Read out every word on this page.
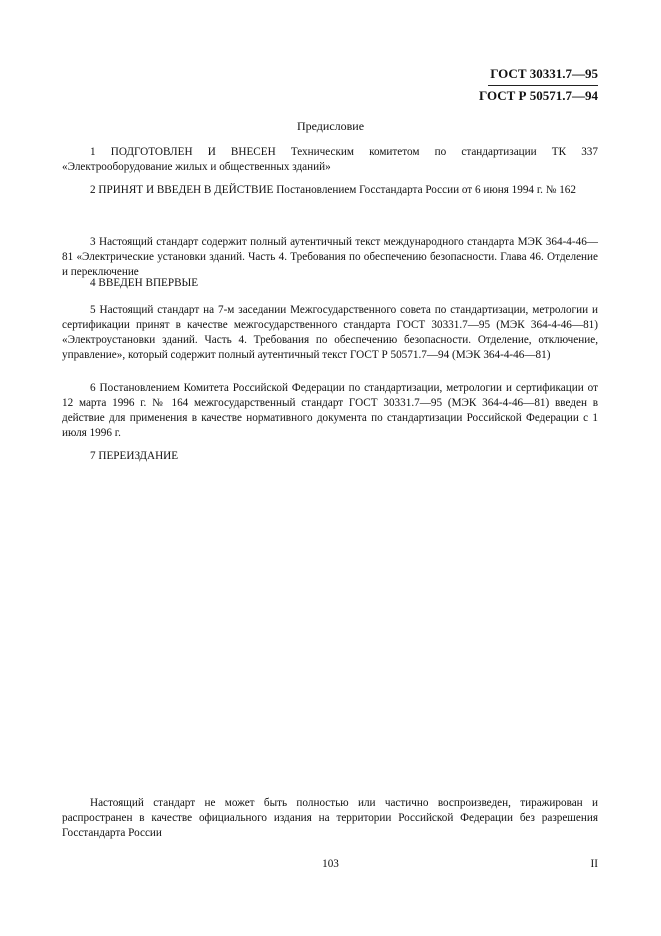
ГОСТ 30331.7—95
ГОСТ Р 50571.7—94
Предисловие
1 ПОДГОТОВЛЕН И ВНЕСЕН Техническим комитетом по стандартизации ТК 337 «Электрооборудование жилых и общественных зданий»
2 ПРИНЯТ И ВВЕДЕН В ДЕЙСТВИЕ Постановлением Госстандарта России от 6 июня 1994 г. № 162
3 Настоящий стандарт содержит полный аутентичный текст международного стандарта МЭК 364-4-46—81 «Электрические установки зданий. Часть 4. Требования по обеспечению безопасности. Глава 46. Отделение и переключение
4 ВВЕДЕН ВПЕРВЫЕ
5 Настоящий стандарт на 7-м заседании Межгосударственного совета по стандартизации, метрологии и сертификации принят в качестве межгосударственного стандарта ГОСТ 30331.7—95 (МЭК 364-4-46—81) «Электроустановки зданий. Часть 4. Требования по обеспечению безопасности. Отделение, отключение, управление», который содержит полный аутентичный текст ГОСТ Р 50571.7—94 (МЭК 364-4-46—81)
6 Постановлением Комитета Российской Федерации по стандартизации, метрологии и сертификации от 12 марта 1996 г. № 164 межгосударственный стандарт ГОСТ 30331.7—95 (МЭК 364-4-46—81) введен в действие для применения в качестве нормативного документа по стандартизации Российской Федерации с 1 июля 1996 г.
7 ПЕРЕИЗДАНИЕ
Настоящий стандарт не может быть полностью или частично воспроизведен, тиражирован и распространен в качестве официального издания на территории Российской Федерации без разрешения Госстандарта России
103	II
